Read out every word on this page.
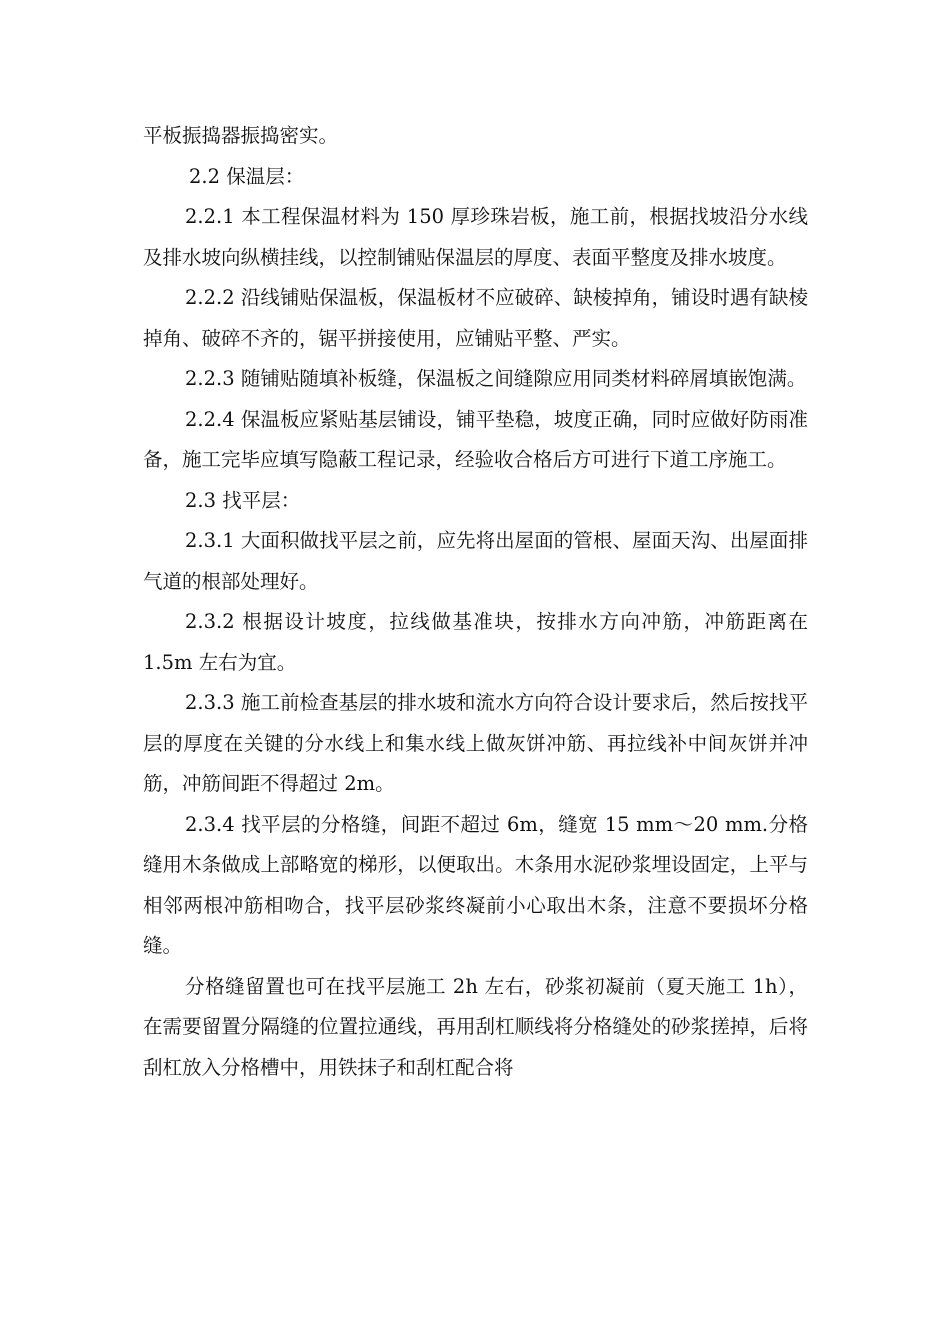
平板振捣器振捣密实。

2.2 保温层：

2.2.1 本工程保温材料为 150 厚珍珠岩板，施工前，根据找坡沿分水线及排水坡向纵横挂线，以控制铺贴保温层的厚度、表面平整度及排水坡度。

2.2.2 沿线铺贴保温板，保温板材不应破碎、缺棱掉角，铺设时遇有缺棱掉角、破碎不齐的，锯平拼接使用，应铺贴平整、严实。

2.2.3 随铺贴随填补板缝，保温板之间缝隙应用同类材料碎屑填嵌饱满。

2.2.4 保温板应紧贴基层铺设，铺平垫稳，坡度正确，同时应做好防雨准备，施工完毕应填写隐蔽工程记录，经验收合格后方可进行下道工序施工。

2.3 找平层：

2.3.1 大面积做找平层之前，应先将出屋面的管根、屋面天沟、出屋面排气道的根部处理好。

2.3.2 根据设计坡度，拉线做基准块，按排水方向冲筋，冲筋距离在 1.5m 左右为宜。

2.3.3 施工前检查基层的排水坡和流水方向符合设计要求后，然后按找平层的厚度在关键的分水线上和集水线上做灰饼冲筋、再拉线补中间灰饼并冲筋，冲筋间距不得超过 2m。

2.3.4 找平层的分格缝，间距不超过 6m，缝宽 15 mm～20 mm.分格缝用木条做成上部略宽的梯形，以便取出。木条用水泥砂浆埋设固定，上平与相邻两根冲筋相吻合，找平层砂浆终凝前小心取出木条，注意不要损坏分格缝。

分格缝留置也可在找平层施工 2h 左右，砂浆初凝前（夏天施工 1h），在需要留置分隔缝的位置拉通线，再用刮杠顺线将分格缝处的砂浆搓掉，后将刮杠放入分格槽中，用铁抹子和刮杠配合将
